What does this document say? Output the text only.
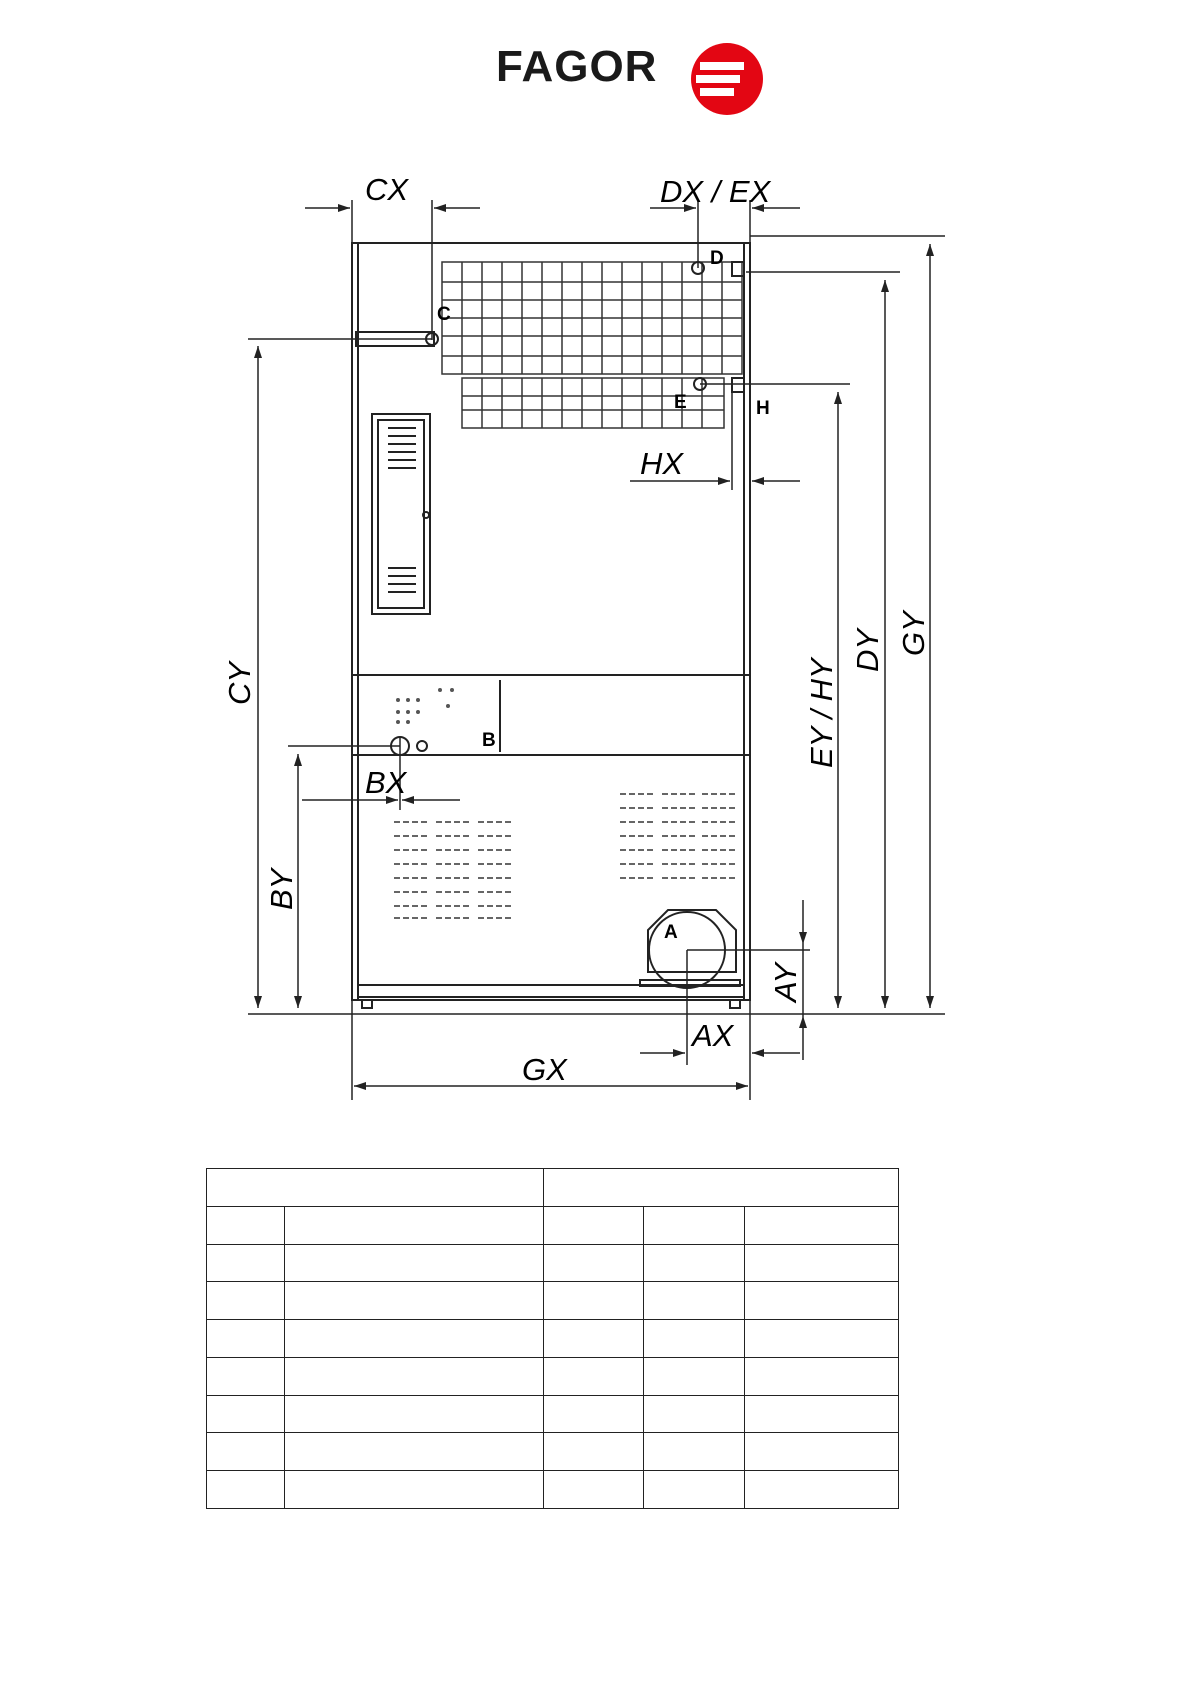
FAGOR
CX	DX / EX
HX
BX
AX
GX
CY
BY
EY / HY
DY GY
AY
C
D
E	H
B
A
